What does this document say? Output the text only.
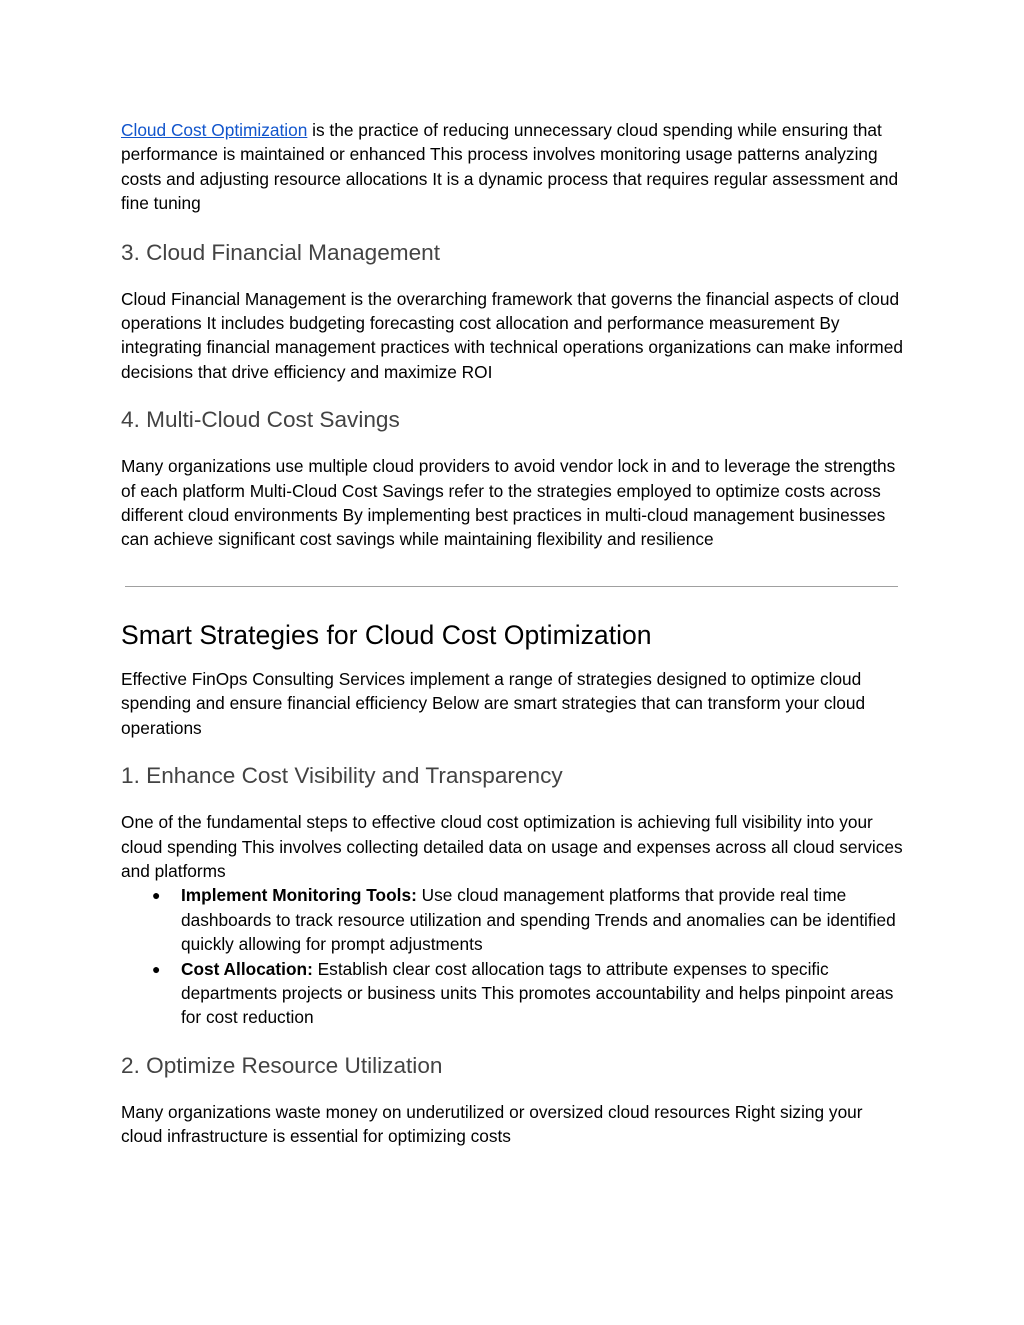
Cloud Cost Optimization is the practice of reducing unnecessary cloud spending while ensuring that performance is maintained or enhanced This process involves monitoring usage patterns analyzing costs and adjusting resource allocations It is a dynamic process that requires regular assessment and fine tuning

3. Cloud Financial Management

Cloud Financial Management is the overarching framework that governs the financial aspects of cloud operations It includes budgeting forecasting cost allocation and performance measurement By integrating financial management practices with technical operations organizations can make informed decisions that drive efficiency and maximize ROI

4. Multi-Cloud Cost Savings

Many organizations use multiple cloud providers to avoid vendor lock in and to leverage the strengths of each platform Multi-Cloud Cost Savings refer to the strategies employed to optimize costs across different cloud environments By implementing best practices in multi-cloud management businesses can achieve significant cost savings while maintaining flexibility and resilience

Smart Strategies for Cloud Cost Optimization

Effective FinOps Consulting Services implement a range of strategies designed to optimize cloud spending and ensure financial efficiency Below are smart strategies that can transform your cloud operations

1. Enhance Cost Visibility and Transparency

One of the fundamental steps to effective cloud cost optimization is achieving full visibility into your cloud spending This involves collecting detailed data on usage and expenses across all cloud services and platforms

● Implement Monitoring Tools: Use cloud management platforms that provide real time dashboards to track resource utilization and spending Trends and anomalies can be identified quickly allowing for prompt adjustments
● Cost Allocation: Establish clear cost allocation tags to attribute expenses to specific departments projects or business units This promotes accountability and helps pinpoint areas for cost reduction
2. Optimize Resource Utilization

Many organizations waste money on underutilized or oversized cloud resources Right sizing your cloud infrastructure is essential for optimizing costs
